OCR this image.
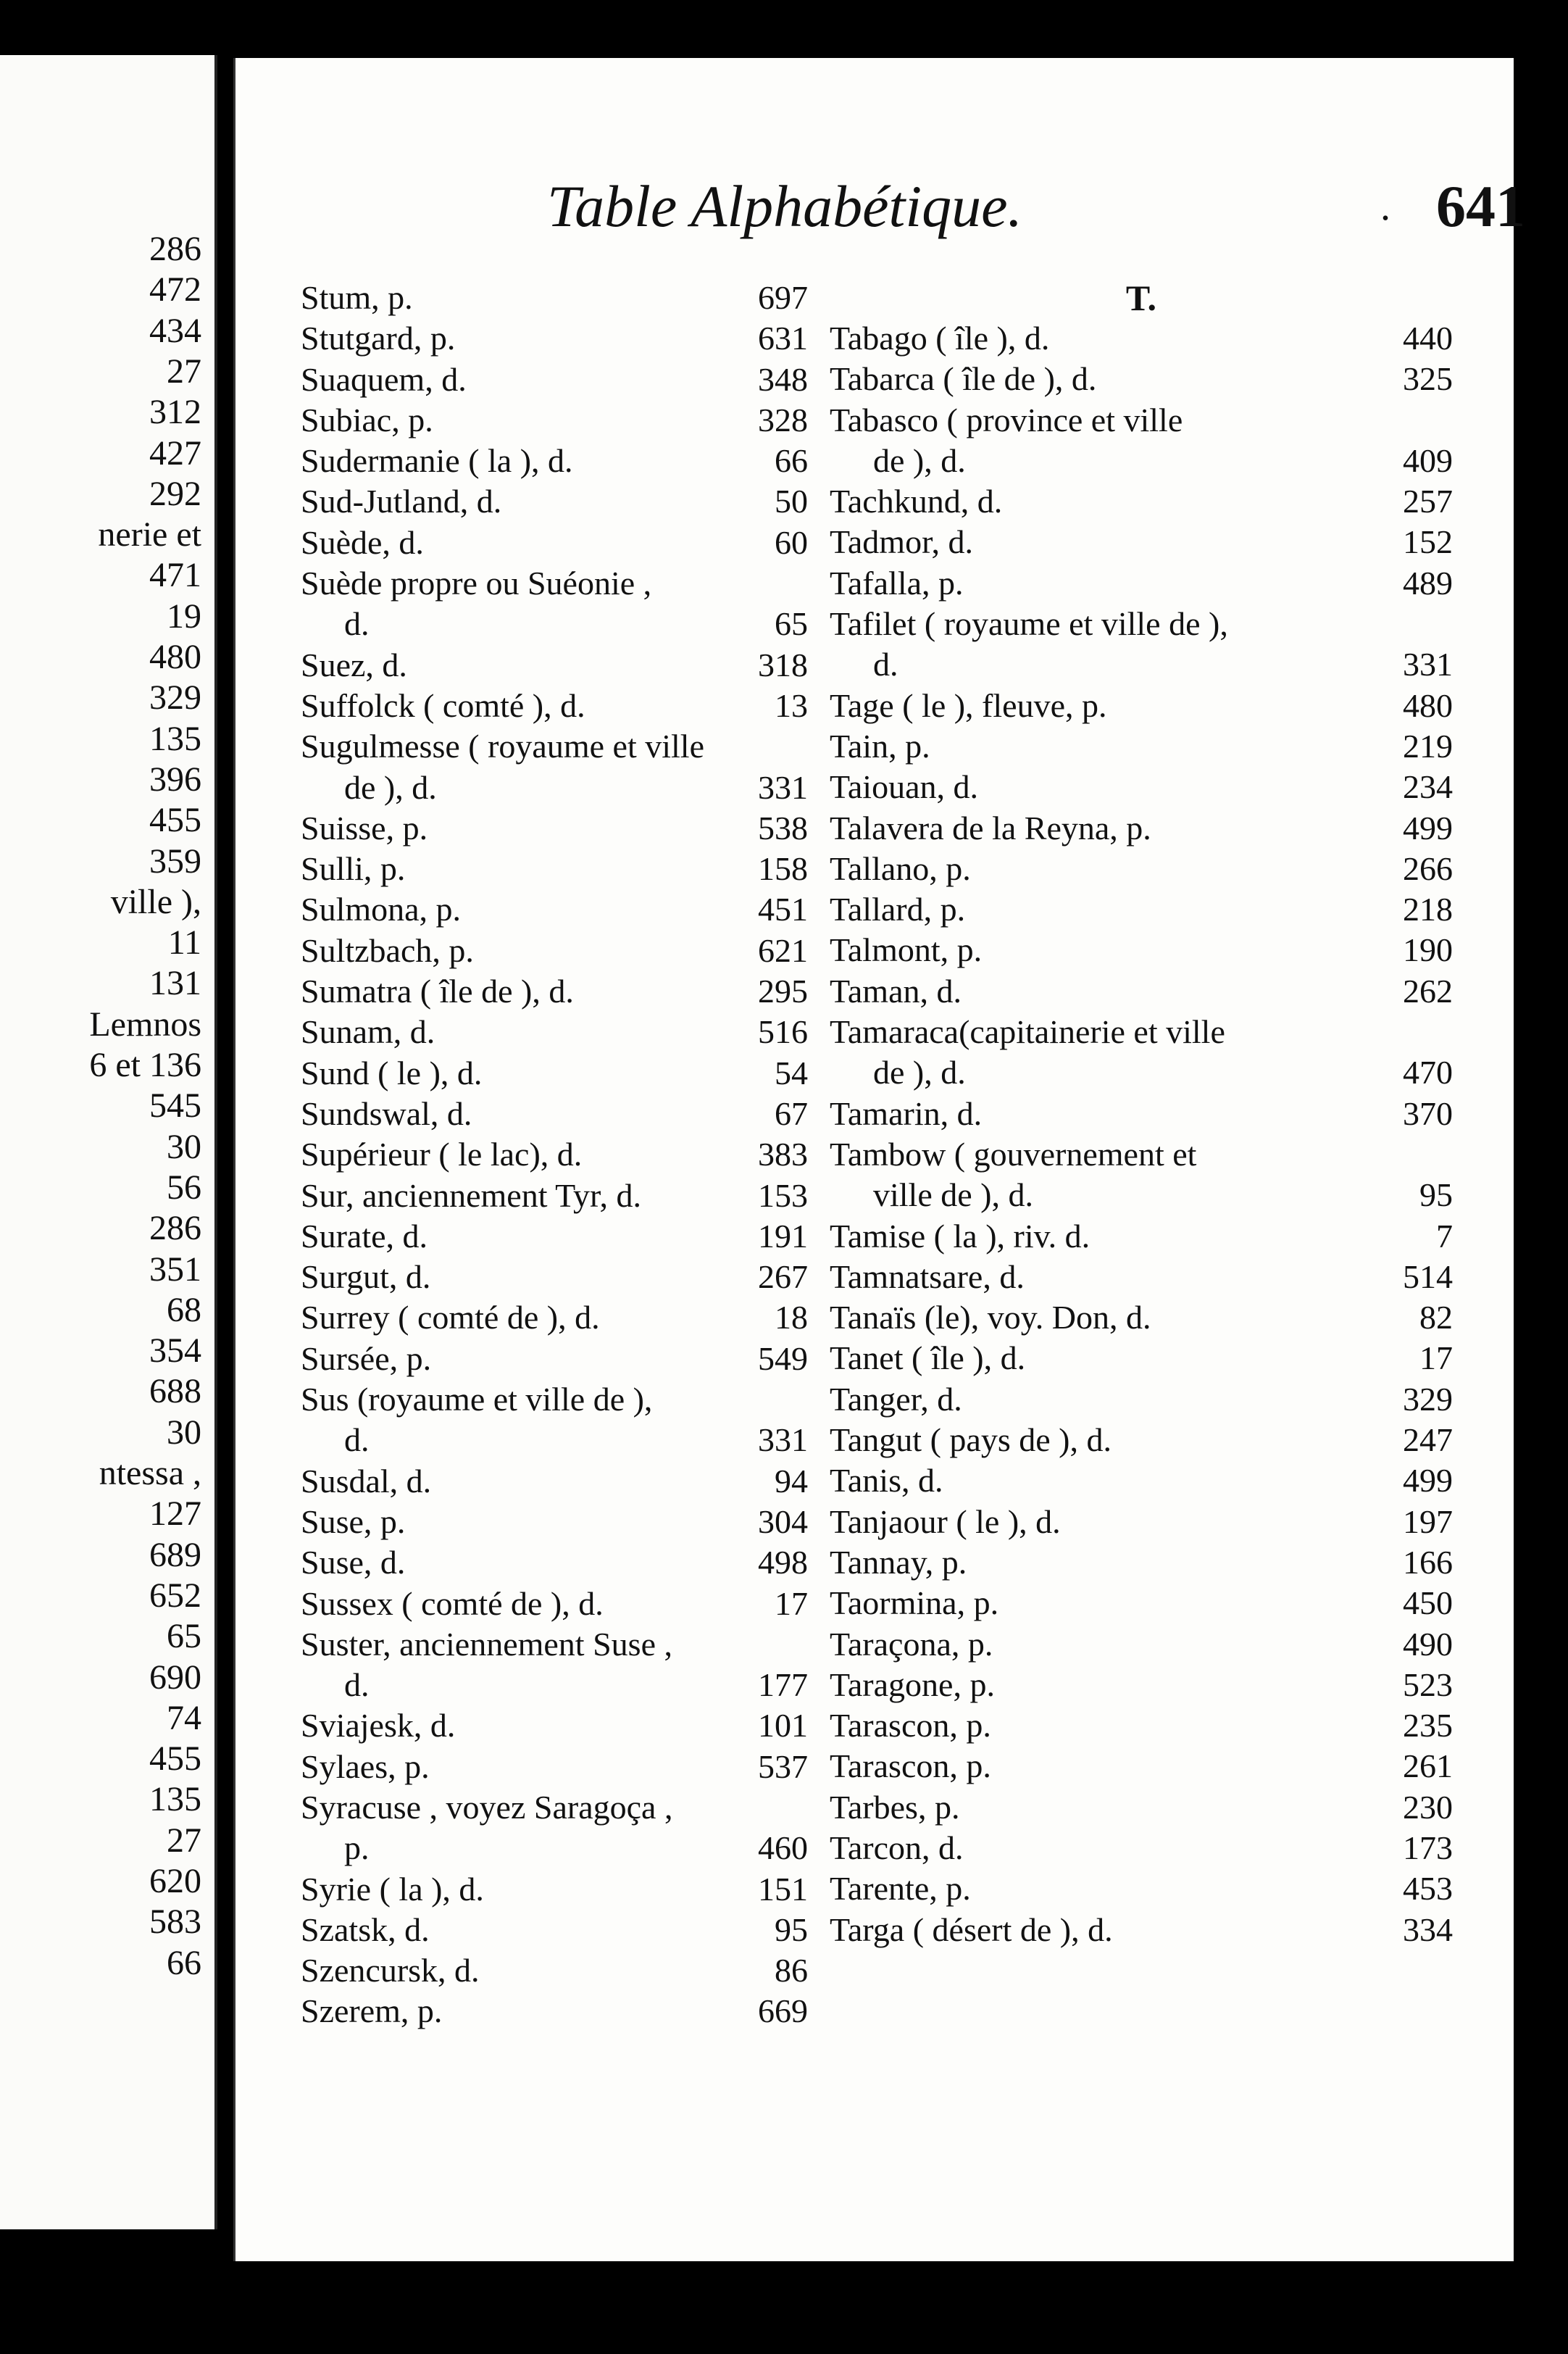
286
472
434
27
312
427
292
nerie et
471
19
480
329
135
396
455
359
ville ),
11
131
Lemnos
6 et 136
545
30
56
286
351
68
354
688
30
ntessa ,
127
689
652
65
690
74
455
135
27
620
583
66
Table Alphabétique.	. 641
Stum, p.	697
Stutgard, p.	631
Suaquem, d.	348
Subiac, p.	328
Sudermanie ( la ), d.	66
Sud-Jutland, d.	50
Suède, d.	60
Suède propre ou Suéonie ,
d.	65
Suez, d.	318
Suffolck ( comté ), d.	13
Sugulmesse ( royaume et ville
de ), d.	331
Suisse, p.	538
Sulli, p.	158
Sulmona, p.	451
Sultzbach, p.	621
Sumatra ( île de ), d.	295
Sunam, d.	516
Sund ( le ), d.	54
Sundswal, d.	67
Supérieur ( le lac), d.	383
Sur, anciennement Tyr, d.	153
Surate, d.	191
Surgut, d.	267
Surrey ( comté de ), d.	18
Sursée, p.	549
Sus (royaume et ville de ),
d.	331
Susdal, d.	94
Suse, p.	304
Suse, d.	498
Sussex ( comté de ), d.	17
Suster, anciennement Suse ,
d.	177
Sviajesk, d.	101
Sylaes, p.	537
Syracuse , voyez Saragoça ,
p.	460
Syrie ( la ), d.	151
Szatsk, d.	95
Szencursk, d.	86
Szerem, p.	669
T.
Tabago ( île ), d.	440
Tabarca ( île de ), d.	325
Tabasco ( province et ville
de ), d.	409
Tachkund, d.	257
Tadmor, d.	152
Tafalla, p.	489
Tafilet ( royaume et ville de ),
d.	331
Tage ( le ), fleuve, p.	480
Tain, p.	219
Taiouan, d.	234
Talavera de la Reyna, p.	499
Tallano, p.	266
Tallard, p.	218
Talmont, p.	190
Taman, d.	262
Tamaraca(capitainerie et ville
de ), d.	470
Tamarin, d.	370
Tambow ( gouvernement et
ville de ), d.	95
Tamise ( la ), riv. d.	7
Tamnatsare, d.	514
Tanaïs (le), voy. Don, d.	82
Tanet ( île ), d.	17
Tanger, d.	329
Tangut ( pays de ), d.	247
Tanis, d.	499
Tanjaour ( le ), d.	197
Tannay, p.	166
Taormina, p.	450
Taraçona, p.	490
Taragone, p.	523
Tarascon, p.	235
Tarascon, p.	261
Tarbes, p.	230
Tarcon, d.	173
Tarente, p.	453
Targa ( désert de ), d.	334
